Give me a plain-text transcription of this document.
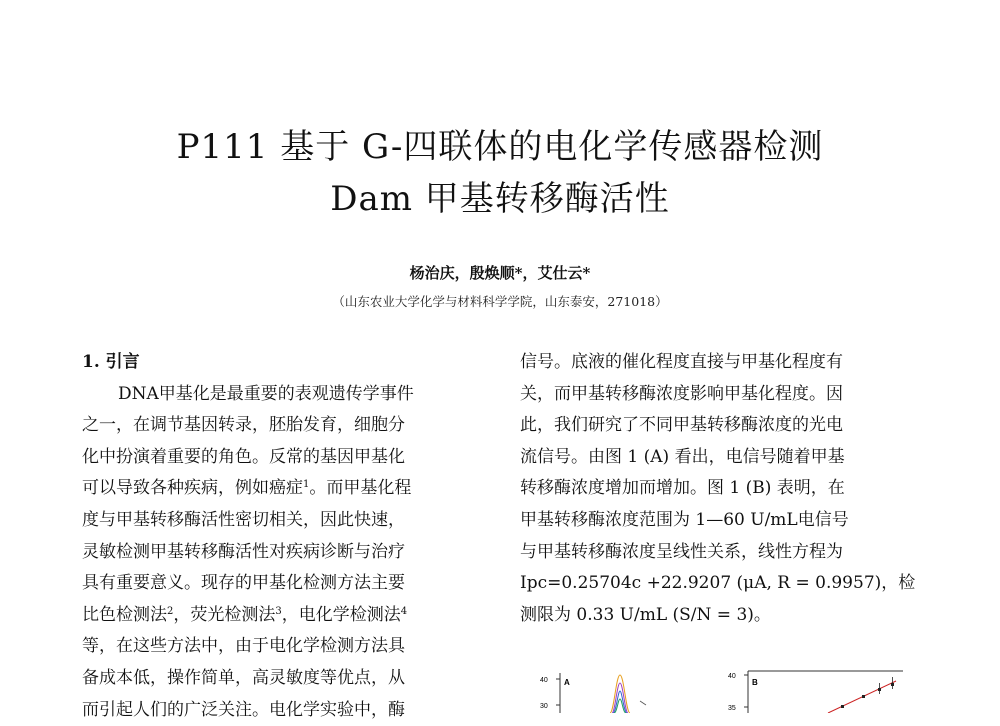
P111 基于 G-四联体的电化学传感器检测
Dam 甲基转移酶活性
杨治庆，殷焕顺*，艾仕云*
（山东农业大学化学与材料科学学院，山东泰安，271018）
1. 引言
DNA甲基化是最重要的表观遗传学事件
之一，在调节基因转录，胚胎发育，细胞分
化中扮演着重要的角色。反常的基因甲基化
可以导致各种疾病，例如癌症$^1$。而甲基化程
度与甲基转移酶活性密切相关，因此快速，
灵敏检测甲基转移酶活性对疾病诊断与治疗
具有重要意义。现存的甲基化检测方法主要
比色检测法$^2$，荧光检测法$^3$，电化学检测法$^4$
等，在这些方法中，由于电化学检测方法具
备成本低，操作简单，高灵敏度等优点，从
而引起人们的广泛关注。电化学实验中，酶
信号。底液的催化程度直接与甲基化程度有
关，而甲基转移酶浓度影响甲基化程度。因
此，我们研究了不同甲基转移酶浓度的光电
流信号。由图 1 (A) 看出，电信号随着甲基
转移酶浓度增加而增加。图 1 (B) 表明，在
甲基转移酶浓度范围为 1—60 U/mL电信号
与甲基转移酶浓度呈线性关系，线性方程为
Ipc=0.25704c +22.9207 (μA, R = 0.9957)，检
测限为 0.33 U/mL (S/N = 3)。
40
30
A
40
35
B
